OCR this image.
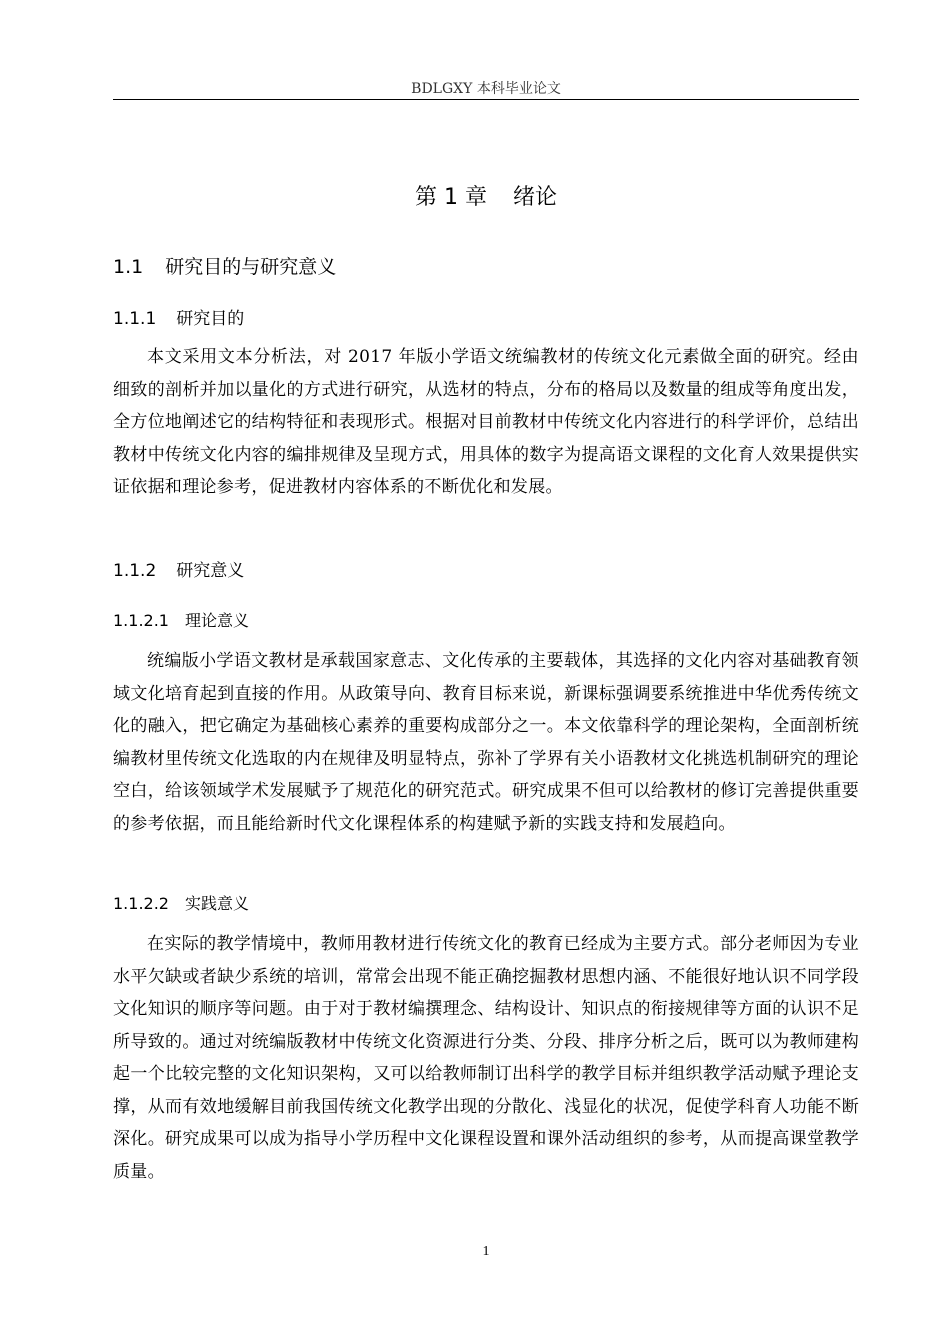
BDLGXY 本科毕业论文
第 1 章 绪论
1.1 研究目的与研究意义
1.1.1 研究目的

本文采用文本分析法，对 2017 年版小学语文统编教材的传统文化元素做全面的研究。经由细致的剖析并加以量化的方式进行研究，从选材的特点，分布的格局以及数量的组成等角度出发，全方位地阐述它的结构特征和表现形式。根据对目前教材中传统文化内容进行的科学评价，总结出教材中传统文化内容的编排规律及呈现方式，用具体的数字为提高语文课程的文化育人效果提供实证依据和理论参考，促进教材内容体系的不断优化和发展。

1.1.2 研究意义
1.1.2.1 理论意义

统编版小学语文教材是承载国家意志、文化传承的主要载体，其选择的文化内容对基础教育领域文化培育起到直接的作用。从政策导向、教育目标来说，新课标强调要系统推进中华优秀传统文化的融入，把它确定为基础核心素养的重要构成部分之一。本文依靠科学的理论架构，全面剖析统编教材里传统文化选取的内在规律及明显特点，弥补了学界有关小语教材文化挑选机制研究的理论空白，给该领域学术发展赋予了规范化的研究范式。研究成果不但可以给教材的修订完善提供重要的参考依据，而且能给新时代文化课程体系的构建赋予新的实践支持和发展趋向。

1.1.2.2 实践意义

在实际的教学情境中，教师用教材进行传统文化的教育已经成为主要方式。部分老师因为专业水平欠缺或者缺少系统的培训，常常会出现不能正确挖掘教材思想内涵、不能很好地认识不同学段文化知识的顺序等问题。由于对于教材编撰理念、结构设计、知识点的衔接规律等方面的认识不足所导致的。通过对统编版教材中传统文化资源进行分类、分段、排序分析之后，既可以为教师建构起一个比较完整的文化知识架构，又可以给教师制订出科学的教学目标并组织教学活动赋予理论支撑，从而有效地缓解目前我国传统文化教学出现的分散化、浅显化的状况，促使学科育人功能不断深化。研究成果可以成为指导小学历程中文化课程设置和课外活动组织的参考，从而提高课堂教学质量。

1
